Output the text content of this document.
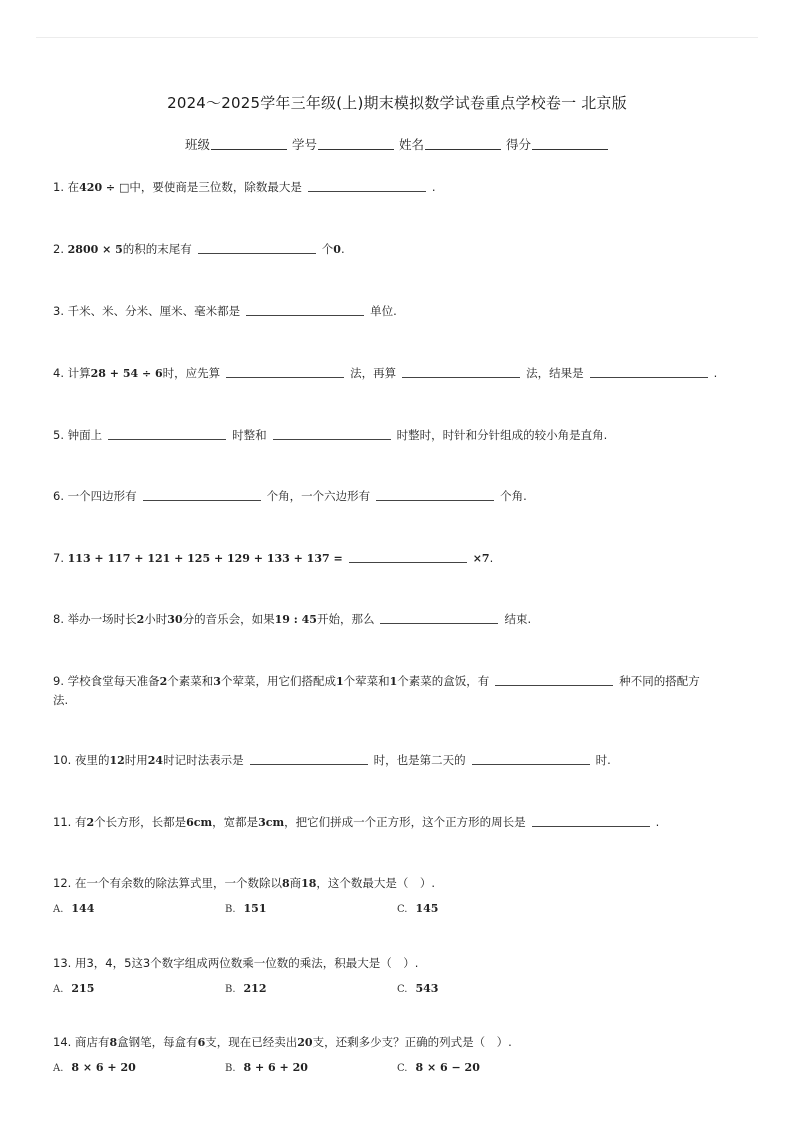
2024～2025学年三年级(上)期末模拟数学试卷重点学校卷一 北京版
班级	学号	姓名	得分
1. 在420 ÷ □中，要使商是三位数，除数最大是	.
2. 2800 × 5的积的末尾有	个0.
3. 千米、米、分米、厘米、毫米都是	单位.
4. 计算28 + 54 ÷ 6时，应先算	法，再算	法，结果是	.
5. 钟面上	时整和	时整时，时针和分针组成的较小角是直角.
6. 一个四边形有	个角，一个六边形有	个角.
7. 113 + 117 + 121 + 125 + 129 + 133 + 137 =	×7.
8. 举办一场时长2小时30分的音乐会，如果19 : 45开始，那么	结束.
9. 学校食堂每天准备2个素菜和3个荤菜，用它们搭配成1个荤菜和1个素菜的盒饭，有	种不同的搭配方
法.
10. 夜里的12时用24时记时法表示是	时，也是第二天的	时.
11. 有2个长方形，长都是6cm，宽都是3cm，把它们拼成一个正方形，这个正方形的周长是	.
12. 在一个有余数的除法算式里，一个数除以8商18，这个数最大是（　）.
A. 144	B. 151	C. 145
13. 用3，4，5这3个数字组成两位数乘一位数的乘法，积最大是（　）.
A. 215	B. 212	C. 543
14. 商店有8盒钢笔，每盒有6支，现在已经卖出20支，还剩多少支？正确的列式是（　）.
A. 8 × 6 + 20	B. 8 + 6 + 20	C. 8 × 6 − 20
